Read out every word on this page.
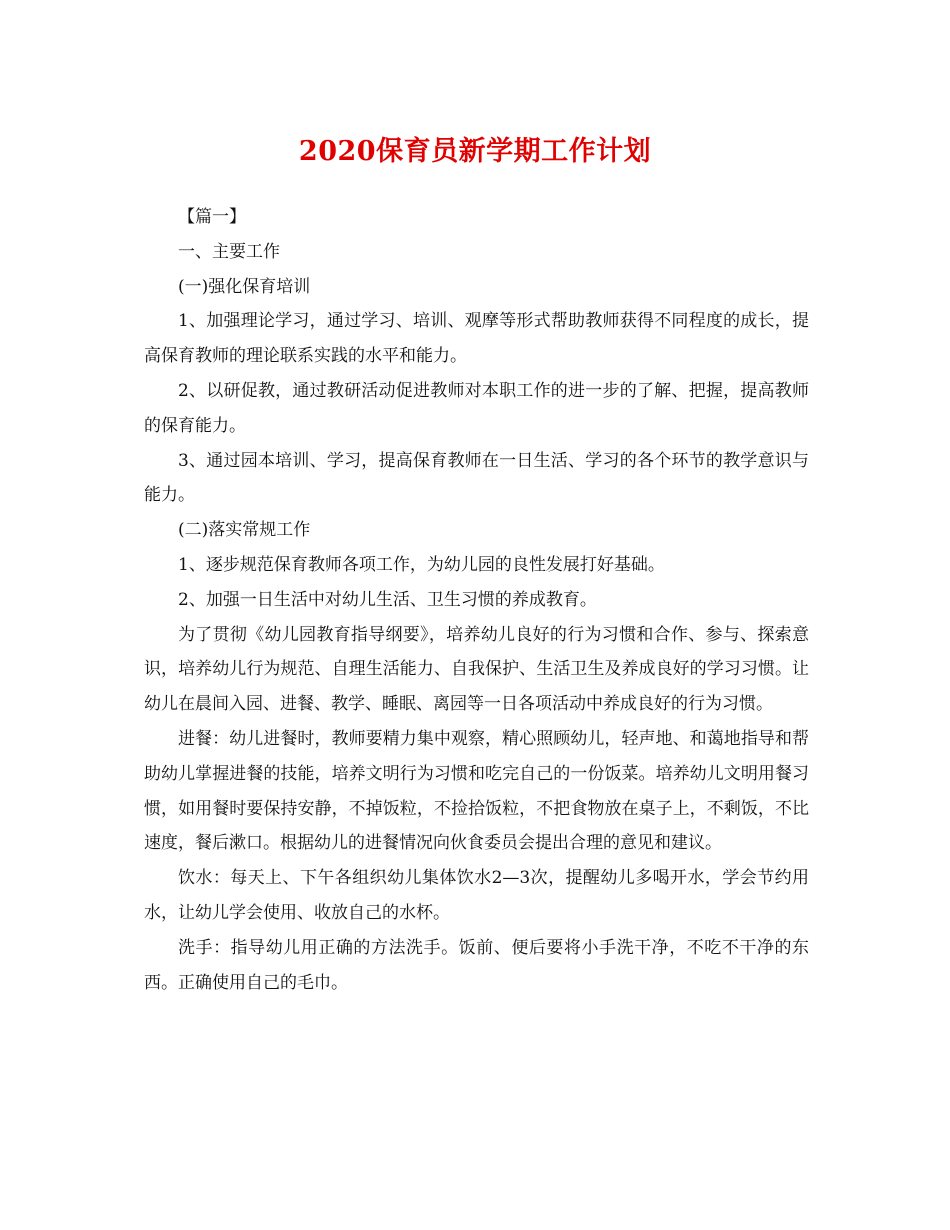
2020保育员新学期工作计划

【篇一】

一、主要工作

(一)强化保育培训

1、加强理论学习，通过学习、培训、观摩等形式帮助教师获得不同程度的成长，提高保育教师的理论联系实践的水平和能力。

2、以研促教，通过教研活动促进教师对本职工作的进一步的了解、把握，提高教师的保育能力。

3、通过园本培训、学习，提高保育教师在一日生活、学习的各个环节的教学意识与能力。

(二)落实常规工作

1、逐步规范保育教师各项工作，为幼儿园的良性发展打好基础。

2、加强一日生活中对幼儿生活、卫生习惯的养成教育。

为了贯彻《幼儿园教育指导纲要》，培养幼儿良好的行为习惯和合作、参与、探索意识，培养幼儿行为规范、自理生活能力、自我保护、生活卫生及养成良好的学习习惯。让幼儿在晨间入园、进餐、教学、睡眠、离园等一日各项活动中养成良好的行为习惯。

进餐：幼儿进餐时，教师要精力集中观察，精心照顾幼儿，轻声地、和蔼地指导和帮助幼儿掌握进餐的技能，培养文明行为习惯和吃完自己的一份饭菜。培养幼儿文明用餐习惯，如用餐时要保持安静，不掉饭粒，不捡拾饭粒，不把食物放在桌子上，不剩饭，不比速度，餐后漱口。根据幼儿的进餐情况向伙食委员会提出合理的意见和建议。

饮水：每天上、下午各组织幼儿集体饮水2—3次，提醒幼儿多喝开水，学会节约用水，让幼儿学会使用、收放自己的水杯。

洗手：指导幼儿用正确的方法洗手。饭前、便后要将小手洗干净，不吃不干净的东西。正确使用自己的毛巾。
